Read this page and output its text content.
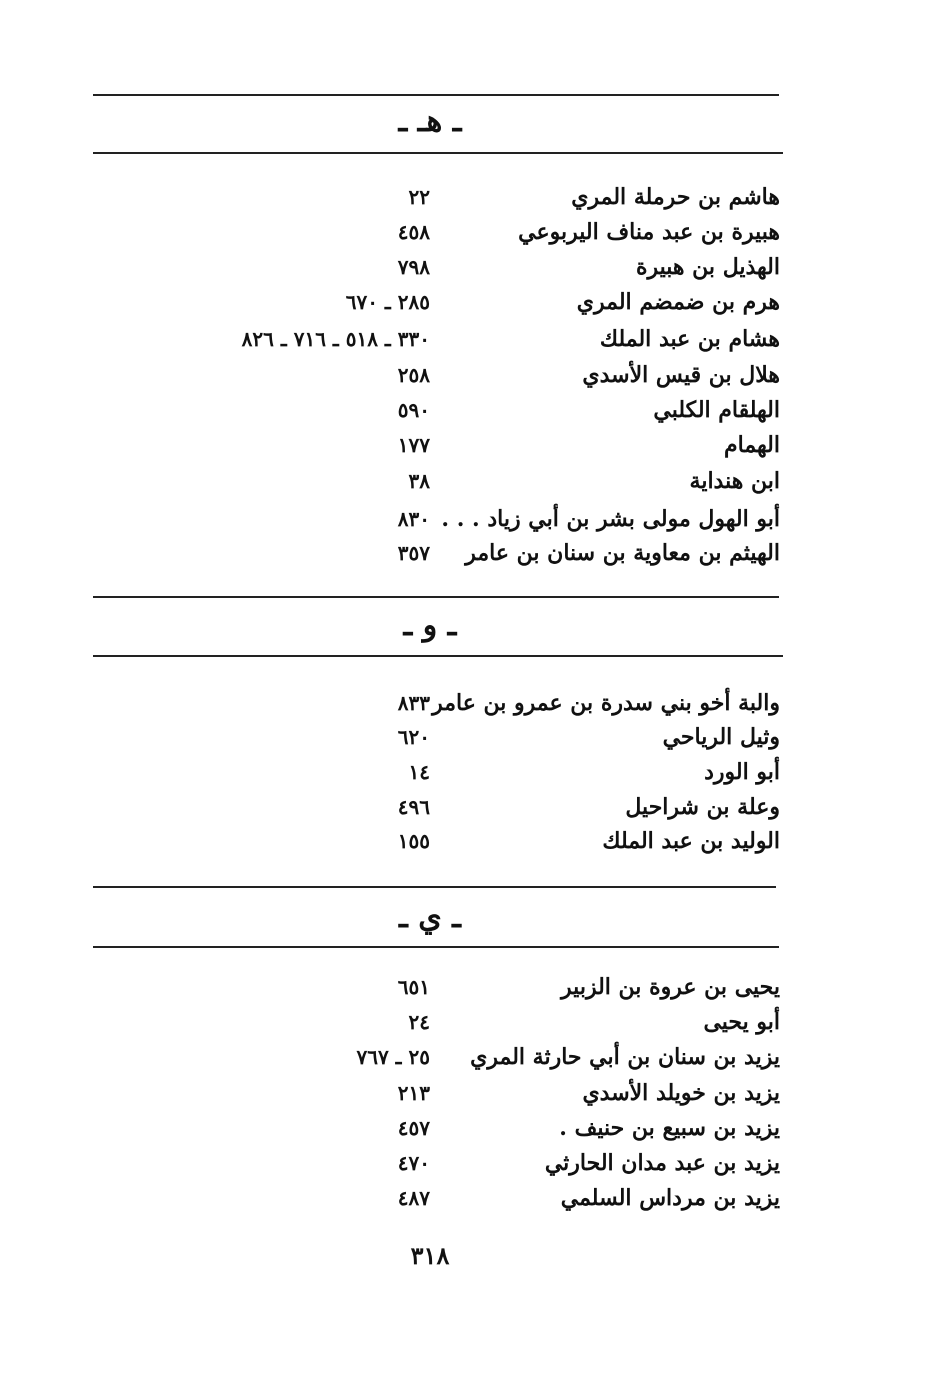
ـ هـ ـ
هاشم بن حرملة المري
٢٢
هبيرة بن عبد مناف اليربوعي
٤٥٨
الهذيل بن هبيرة
٧٩٨
هرم بن ضمضم المري
٢٨٥ ـ ٦٧٠
هشام بن عبد الملك
٣٣٠ ـ ٥١٨ ـ ٧١٦ ـ ٨٢٦
هلال بن قيس الأسدي
٢٥٨
الهلقام الكلبي
٥٩٠
الهمام
١٧٧
ابن هنداية
٣٨
أبو الهول مولى بشر بن أبي زياد . . .
٨٣٠
الهيثم بن معاوية بن سنان بن عامر
٣٥٧
ـ و ـ
والبة أخو بني سدرة بن عمرو بن عامر
٨٣٣
وثيل الرياحي
٦٢٠
أبو الورد
١٤
وعلة بن شراحيل
٤٩٦
الوليد بن عبد الملك
١٥٥
ـ ي ـ
يحيى بن عروة بن الزبير
٦٥١
أبو يحيى
٢٤
يزيد بن سنان بن أبي حارثة المري
٢٥ ـ ٧٦٧
يزيد بن خويلد الأسدي
٢١٣
يزيد بن سبيع بن حنيف .
٤٥٧
يزيد بن عبد مدان الحارثي
٤٧٠
يزيد بن مرداس السلمي
٤٨٧
٣١٨
